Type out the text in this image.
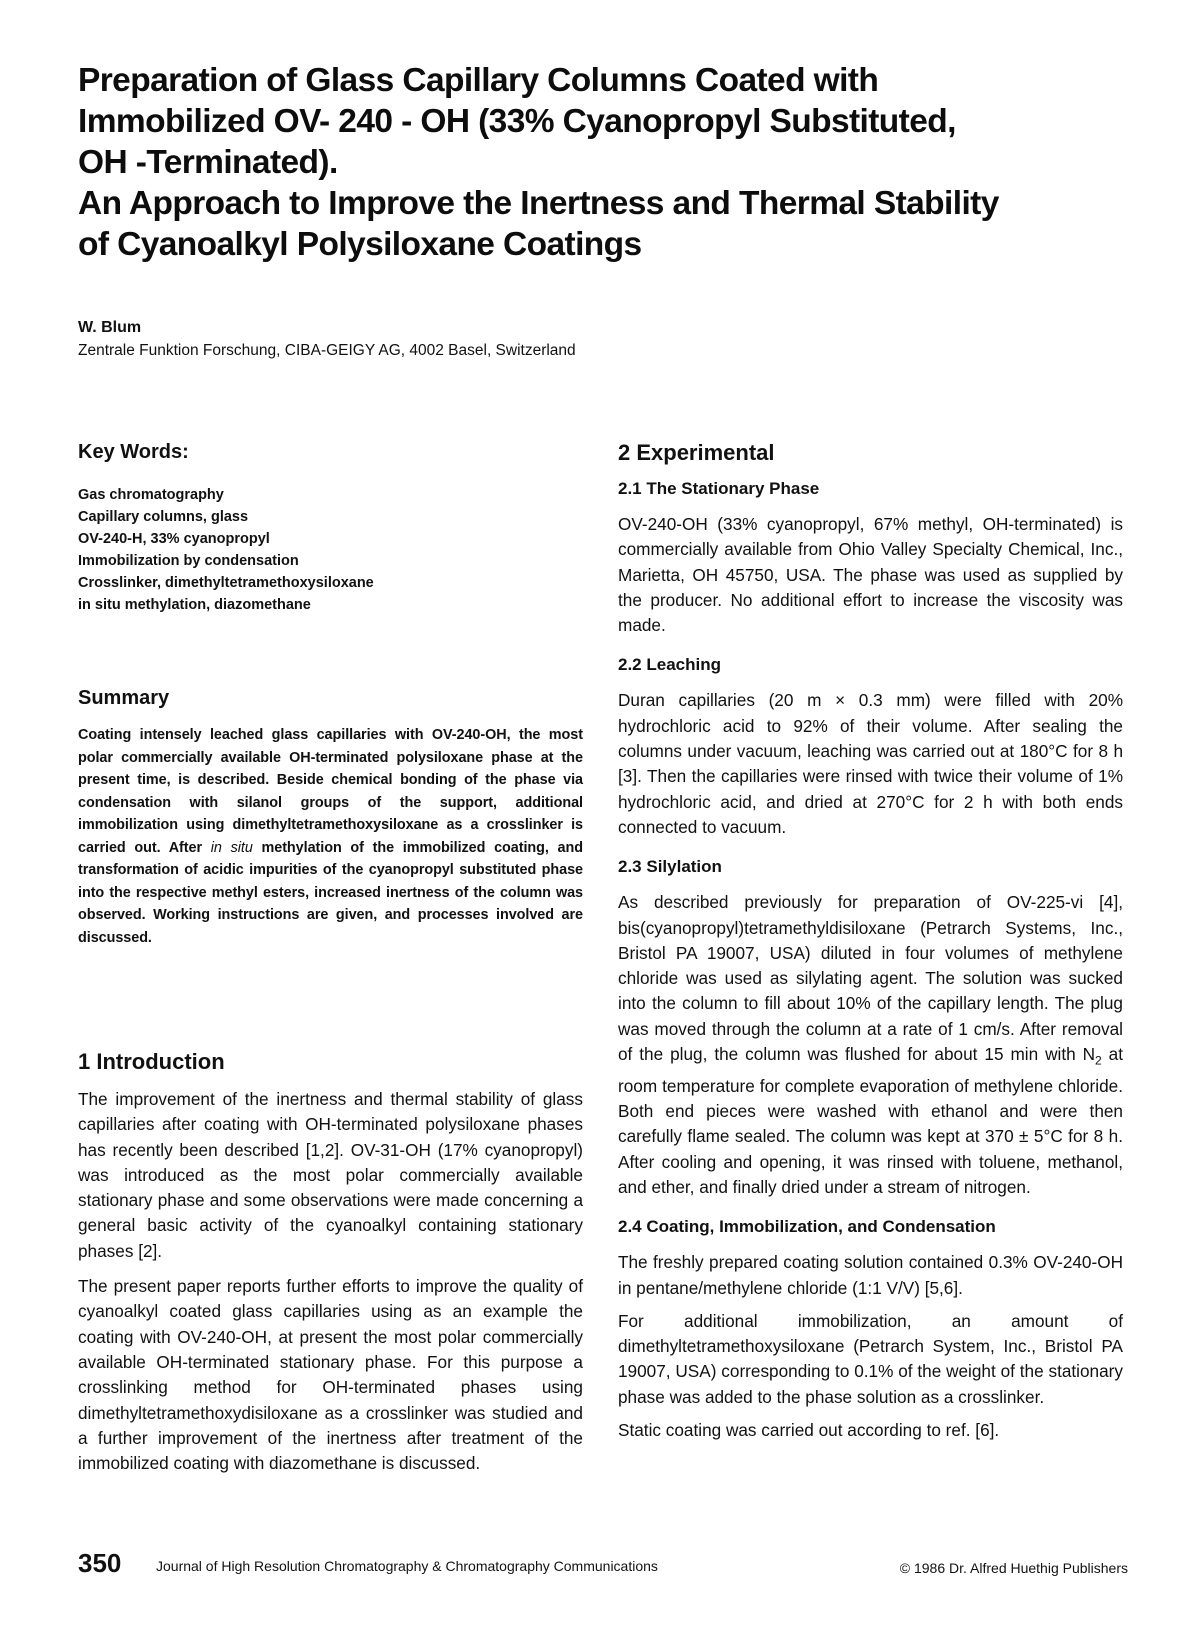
Preparation of Glass Capillary Columns Coated with
Immobilized OV- 240 - OH (33% Cyanopropyl Substituted,
OH -Terminated).
An Approach to Improve the Inertness and Thermal Stability
of Cyanoalkyl Polysiloxane Coatings
W. Blum
Zentrale Funktion Forschung, CIBA-GEIGY AG, 4002 Basel, Switzerland
Key Words:
Gas chromatography
Capillary columns, glass
OV-240-H, 33% cyanopropyl
Immobilization by condensation
Crosslinker, dimethyltetramethoxysiloxane
in situ methylation, diazomethane
Summary
Coating intensely leached glass capillaries with OV-240-OH, the most polar commercially available OH-terminated polysiloxane phase at the present time, is described. Beside chemical bonding of the phase via condensation with silanol groups of the support, additional immobilization using dimethyltetramethoxysiloxane as a crosslinker is carried out. After in situ methylation of the immobilized coating, and transformation of acidic impurities of the cyanopropyl substituted phase into the respective methyl esters, increased inertness of the column was observed. Working instructions are given, and processes involved are discussed.
1 Introduction

The improvement of the inertness and thermal stability of glass capillaries after coating with OH-terminated polysiloxane phases has recently been described [1,2]. OV-31-OH (17% cyanopropyl) was introduced as the most polar commercially available stationary phase and some observations were made concerning a general basic activity of the cyanoalkyl containing stationary phases [2].

The present paper reports further efforts to improve the quality of cyanoalkyl coated glass capillaries using as an example the coating with OV-240-OH, at present the most polar commercially available OH-terminated stationary phase. For this purpose a crosslinking method for OH-terminated phases using dimethyltetramethoxydisiloxane as a crosslinker was studied and a further improvement of the inertness after treatment of the immobilized coating with diazomethane is discussed.

2 Experimental
2.1 The Stationary Phase

OV-240-OH (33% cyanopropyl, 67% methyl, OH-terminated) is commercially available from Ohio Valley Specialty Chemical, Inc., Marietta, OH 45750, USA. The phase was used as supplied by the producer. No additional effort to increase the viscosity was made.

2.2 Leaching

Duran capillaries (20 m × 0.3 mm) were filled with 20% hydrochloric acid to 92% of their volume. After sealing the columns under vacuum, leaching was carried out at 180°C for 8 h [3]. Then the capillaries were rinsed with twice their volume of 1% hydrochloric acid, and dried at 270°C for 2 h with both ends connected to vacuum.

2.3 Silylation

As described previously for preparation of OV-225-vi [4], bis(cyanopropyl)tetramethyldisiloxane (Petrarch Systems, Inc., Bristol PA 19007, USA) diluted in four volumes of methylene chloride was used as silylating agent. The solution was sucked into the column to fill about 10% of the capillary length. The plug was moved through the column at a rate of 1 cm/s. After removal of the plug, the column was flushed for about 15 min with $N_2$ at room temperature for complete evaporation of methylene chloride. Both end pieces were washed with ethanol and were then carefully flame sealed. The column was kept at 370 ± 5°C for 8 h. After cooling and opening, it was rinsed with toluene, methanol, and ether, and finally dried under a stream of nitrogen.

2.4 Coating, Immobilization, and Condensation

The freshly prepared coating solution contained 0.3% OV-240-OH in pentane/methylene chloride (1:1 V/V) [5,6].

For additional immobilization, an amount of dimethyltetramethoxysiloxane (Petrarch System, Inc., Bristol PA 19007, USA) corresponding to 0.1% of the weight of the stationary phase was added to the phase solution as a crosslinker.

Static coating was carried out according to ref. [6].

350 Journal of High Resolution Chromatography & Chromatography Communications	© 1986 Dr. Alfred Huethig Publishers
